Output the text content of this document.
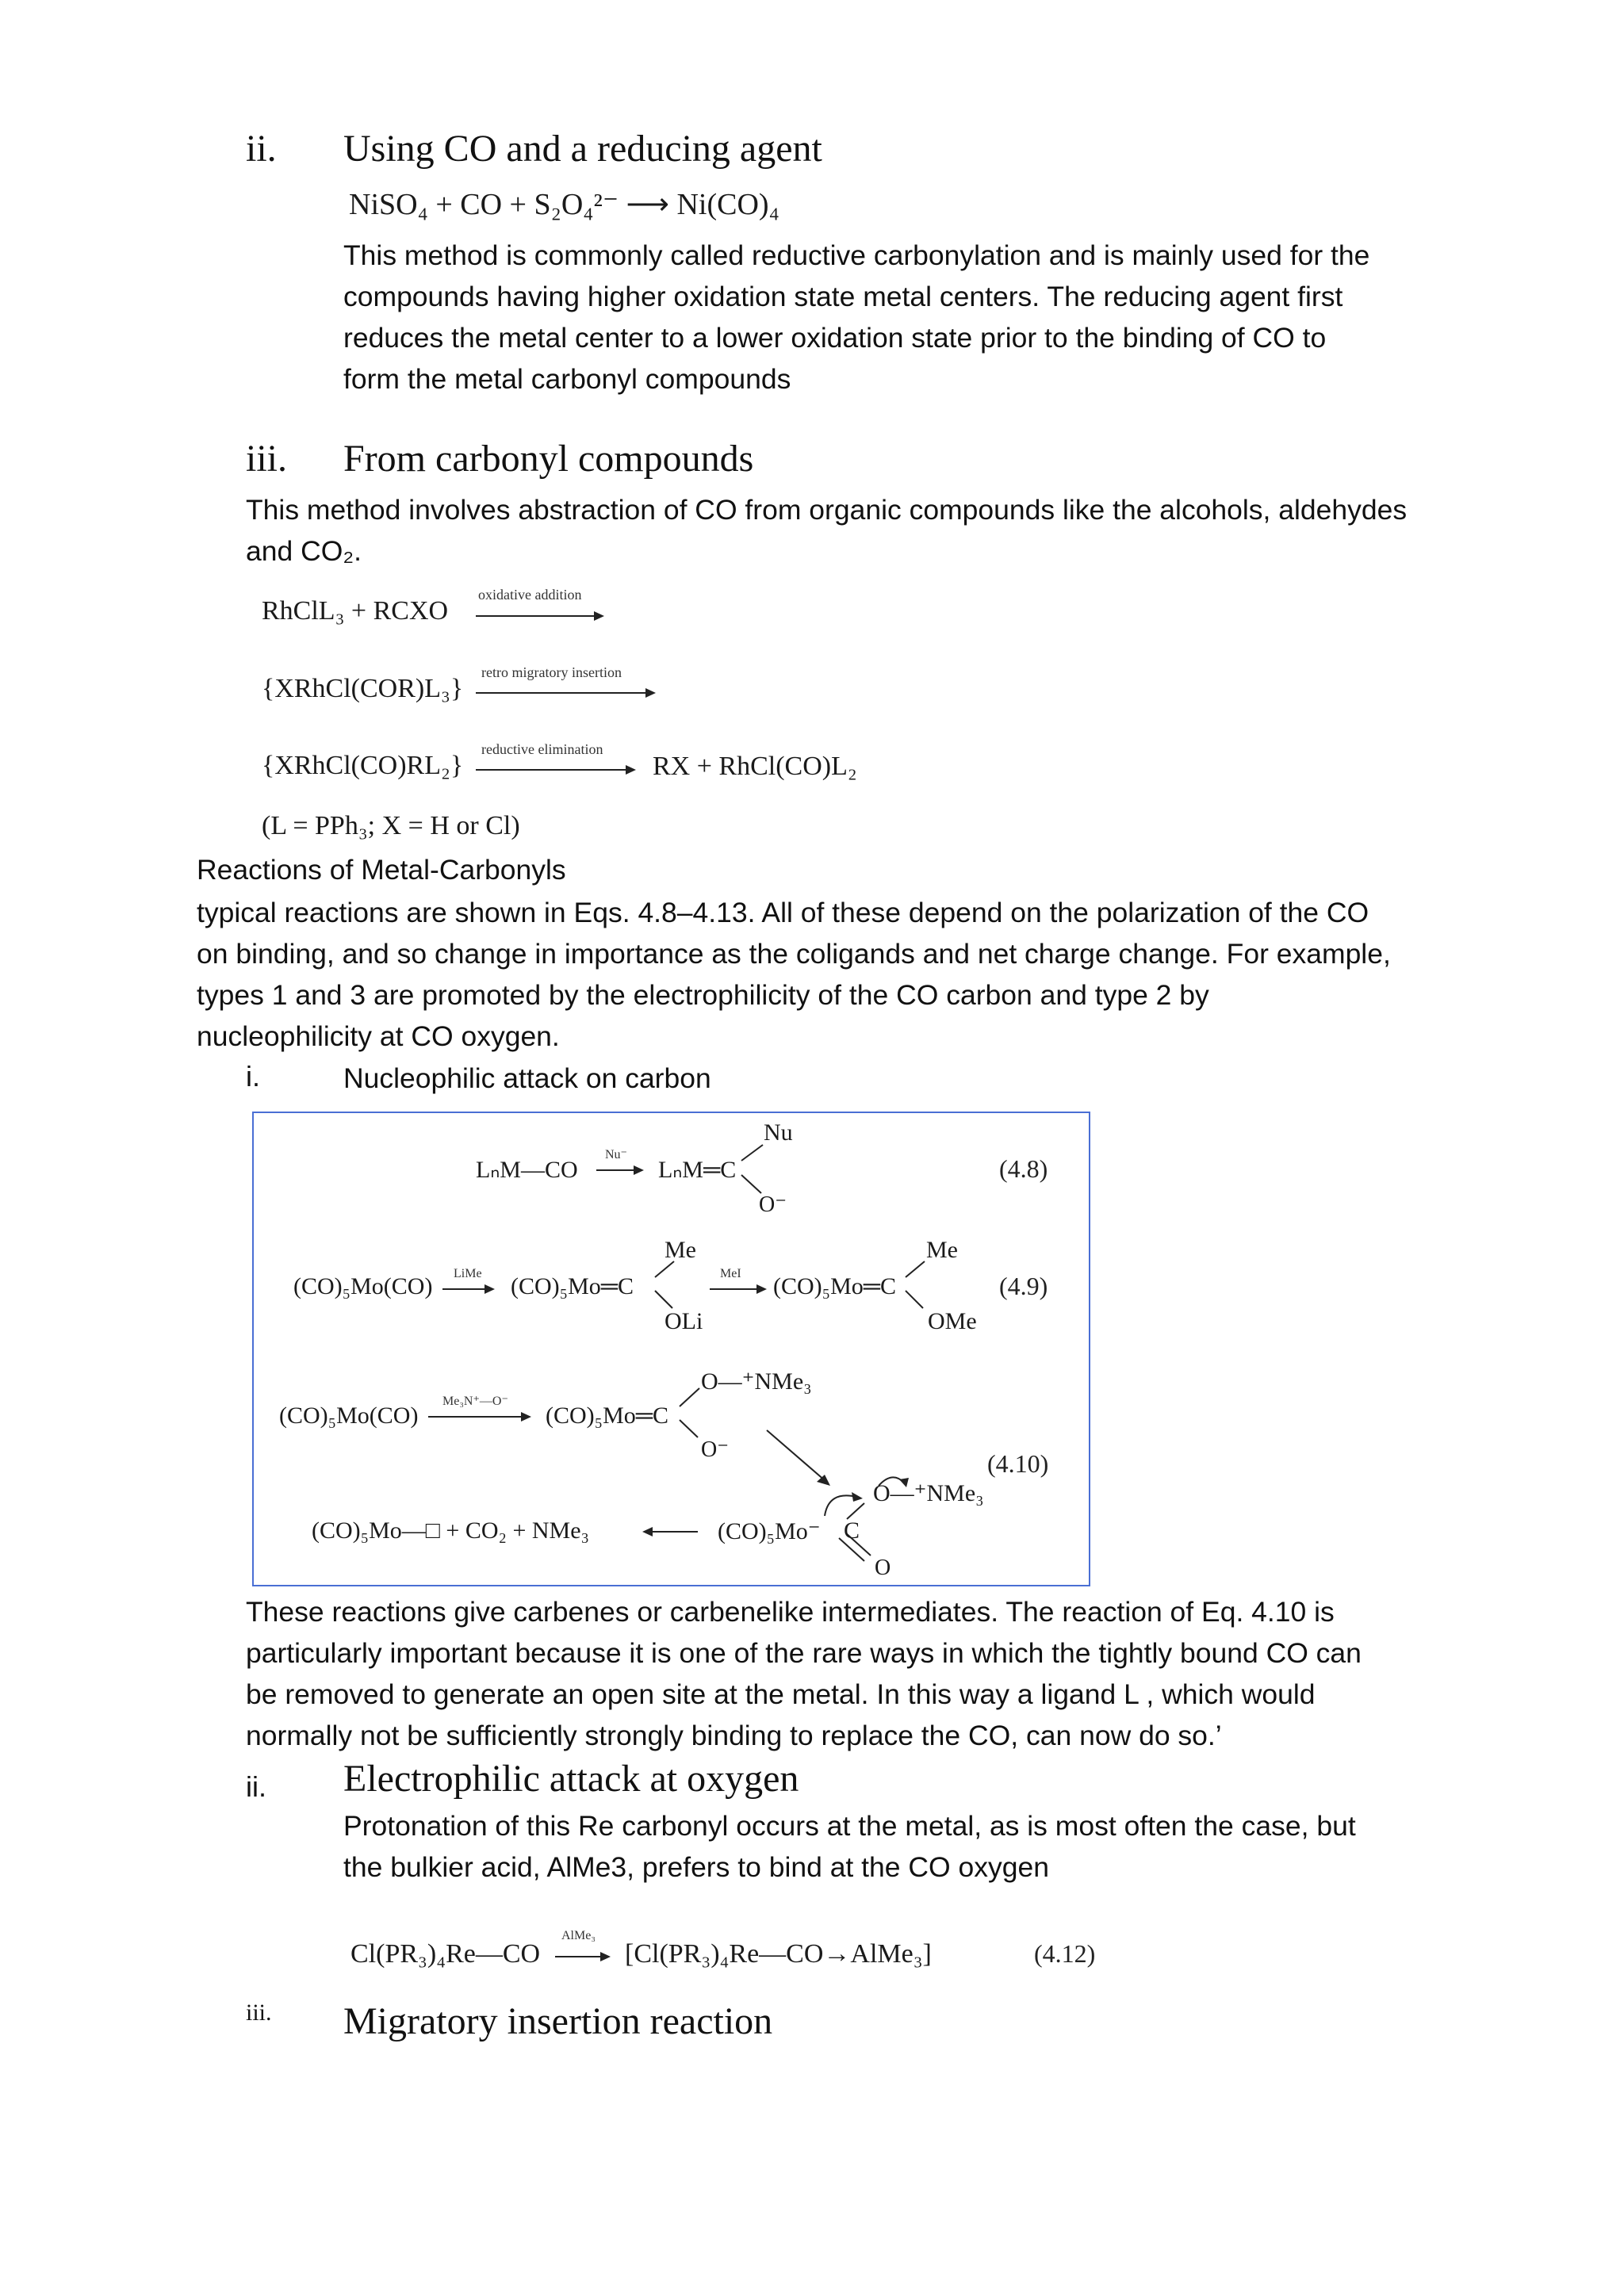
ii. Using CO and a reducing agent
NiSO₄ + CO + S₂O₄²⁻ ⟶ Ni(CO)₄
This method is commonly called reductive carbonylation and is mainly used for the
compounds having higher oxidation state metal centers. The reducing agent first
reduces the metal center to a lower oxidation state prior to the binding of CO to
form the metal carbonyl compounds
iii. From carbonyl compounds
This method involves abstraction of CO from organic compounds like the alcohols, aldehydes
and CO₂.
RhClL₃ + RCXO
oxidative addition
{XRhCl(COR)L₃}
retro migratory insertion
{XRhCl(CO)RL₂}
reductive elimination
RX + RhCl(CO)L₂
(L = PPh₃; X = H or Cl)
Reactions of Metal-Carbonyls
typical reactions are shown in Eqs. 4.8–4.13. All of these depend on the polarization of the CO
on binding, and so change in importance as the coligands and net charge change. For example,
types 1 and 3 are promoted by the electrophilicity of the CO carbon and type 2 by
nucleophilicity at CO oxygen.
i.	Nucleophilic attack on carbon
LₙM—CO
Nu⁻
LₙM═C
Nu
O⁻
(4.8)
(CO)₅Mo(CO) LiMe (CO)₅Mo═C
Me
OLi
MeI (CO)₅Mo═C
Me
OMe
(4.9)
(CO)₅Mo(CO)
Me₃N⁺—O⁻
(CO)₅Mo═C
O—⁺NMe₃
O⁻	(4.10)
(CO)₅Mo⁻ C
O—⁺NMe₃
O
(CO)₅Mo—□ + CO₂ + NMe₃
These reactions give carbenes or carbenelike intermediates. The reaction of Eq. 4.10 is
particularly important because it is one of the rare ways in which the tightly bound CO can
be removed to generate an open site at the metal. In this way a ligand L , which would
normally not be sufficiently strongly binding to replace the CO, can now do so.’
ii. Electrophilic attack at oxygen
Protonation of this Re carbonyl occurs at the metal, as is most often the case, but
the bulkier acid, AlMe3, prefers to bind at the CO oxygen
Cl(PR₃)₄Re—CO
AlMe₃
[Cl(PR₃)₄Re—CO→AlMe₃]	(4.12)
iii. Migratory insertion reaction
